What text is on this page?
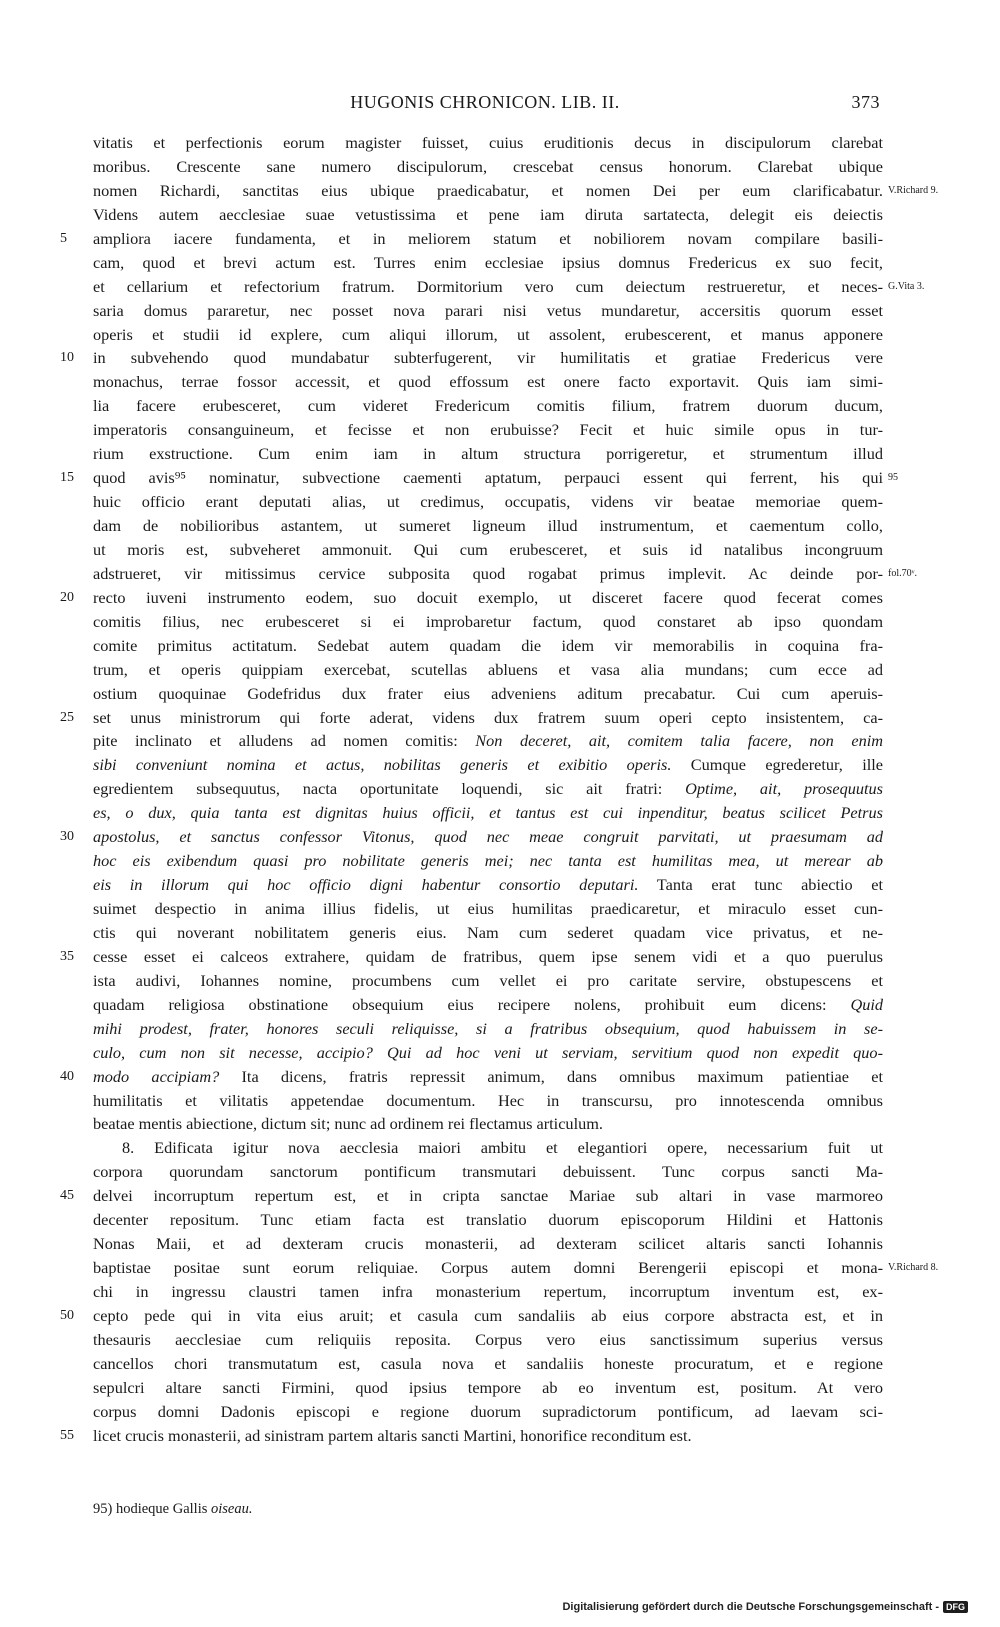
HUGONIS CHRONICON. LIB. II.	373
vitatis et perfectionis eorum magister fuisset, cuius eruditionis decus in discipulorum clarebat
moribus. Crescente sane numero discipulorum, crescebat census honorum. Clarebat ubique
nomen Richardi, sanctitas eius ubique praedicabatur, et nomen Dei per eum clarificabatur. V.Richard 9.
Videns autem aecclesiae suae vetustissima et pene iam diruta sartatecta, delegit eis deiectis
5	ampliora iacere fundamenta, et in meliorem statum et nobiliorem novam compilare basili-
cam, quod et brevi actum est. Turres enim ecclesiae ipsius domnus Fredericus ex suo fecit,
et cellarium et refectorium fratrum. Dormitorium vero cum deiectum restrueretur, et neces- G.Vita 3.
saria domus pararetur, nec posset nova parari nisi vetus mundaretur, accersitis quorum esset
operis et studii id explere, cum aliqui illorum, ut assolent, erubescerent, et manus apponere
10	in subvehendo quod mundabatur subterfugerent, vir humilitatis et gratiae Fredericus vere
monachus, terrae fossor accessit, et quod effossum est onere facto exportavit. Quis iam simi-
lia facere erubesceret, cum videret Fredericum comitis filium, fratrem duorum ducum,
imperatoris consanguineum, et fecisse et non erubuisse? Fecit et huic simile opus in tur-
rium exstructione. Cum enim iam in altum structura porrigeretur, et strumentum illud
15	quod avis⁹⁵ nominatur, subvectione caementi aptatum, perpauci essent qui ferrent, his qui 95
huic officio erant deputati alias, ut credimus, occupatis, videns vir beatae memoriae quem-
dam de nobilioribus astantem, ut sumeret ligneum illud instrumentum, et caementum collo,
ut moris est, subveheret ammonuit. Qui cum erubesceret, et suis id natalibus incongruum
adstrueret, vir mitissimus cervice subposita quod rogabat primus implevit. Ac deinde por- fol.70ᵛ.
20	recto iuveni instrumento eodem, suo docuit exemplo, ut disceret facere quod fecerat comes
comitis filius, nec erubesceret si ei improbaretur factum, quod constaret ab ipso quondam
comite primitus actitatum. Sedebat autem quadam die idem vir memorabilis in coquina fra-
trum, et operis quippiam exercebat, scutellas abluens et vasa alia mundans; cum ecce ad
ostium quoquinae Godefridus dux frater eius adveniens aditum precabatur. Cui cum aperuis-
25	set unus ministrorum qui forte aderat, videns dux fratrem suum operi cepto insistentem, ca-
pite inclinato et alludens ad nomen comitis: Non deceret, ait, comitem talia facere, non enim
sibi conveniunt nomina et actus, nobilitas generis et exibitio operis. Cumque egrederetur, ille
egredientem subsequutus, nacta oportunitate loquendi, sic ait fratri: Optime, ait, prosequutus
es, o dux, quia tanta est dignitas huius officii, et tantus est cui inpenditur, beatus scilicet Petrus
30	apostolus, et sanctus confessor Vitonus, quod nec meae congruit parvitati, ut praesumam ad
hoc eis exibendum quasi pro nobilitate generis mei; nec tanta est humilitas mea, ut merear ab
eis in illorum qui hoc officio digni habentur consortio deputari. Tanta erat tunc abiectio et
suimet despectio in anima illius fidelis, ut eius humilitas praedicaretur, et miraculo esset cun-
ctis qui noverant nobilitatem generis eius. Nam cum sederet quadam vice privatus, et ne-
35	cesse esset ei calceos extrahere, quidam de fratribus, quem ipse senem vidi et a quo puerulus
ista audivi, Iohannes nomine, procumbens cum vellet ei pro caritate servire, obstupescens et
quadam religiosa obstinatione obsequium eius recipere nolens, prohibuit eum dicens: Quid
mihi prodest, frater, honores seculi reliquisse, si a fratribus obsequium, quod habuissem in se-
culo, cum non sit necesse, accipio? Qui ad hoc veni ut serviam, servitium quod non expedit quo-
40	modo accipiam? Ita dicens, fratris repressit animum, dans omnibus maximum patientiae et
humilitatis et vilitatis appetendae documentum. Hec in transcursu, pro innotescenda omnibus
beatae mentis abiectione, dictum sit; nunc ad ordinem rei flectamus articulum.
8. Edificata igitur nova aecclesia maiori ambitu et elegantiori opere, necessarium fuit ut
corpora quorundam sanctorum pontificum transmutari debuissent. Tunc corpus sancti Ma-
45	delvei incorruptum repertum est, et in cripta sanctae Mariae sub altari in vase marmoreo
decenter repositum. Tunc etiam facta est translatio duorum episcoporum Hildini et Hattonis
Nonas Maii, et ad dexteram crucis monasterii, ad dexteram scilicet altaris sancti Iohannis
baptistae positae sunt eorum reliquiae. Corpus autem domni Berengerii episcopi et mona- V.Richard 8.
chi in ingressu claustri tamen infra monasterium repertum, incorruptum inventum est, ex-
50	cepto pede qui in vita eius aruit; et casula cum sandaliis ab eius corpore abstracta est, et in
thesauris aecclesiae cum reliquiis reposita. Corpus vero eius sanctissimum superius versus
cancellos chori transmutatum est, casula nova et sandaliis honeste procuratum, et e regione
sepulcri altare sancti Firmini, quod ipsius tempore ab eo inventum est, positum. At vero
corpus domni Dadonis episcopi e regione duorum supradictorum pontificum, ad laevam sci-
55	licet crucis monasterii, ad sinistram partem altaris sancti Martini, honorifice reconditum est.
95) hodieque Gallis oiseau.
Digitalisierung gefördert durch die Deutsche Forschungsgemeinschaft - DFG
